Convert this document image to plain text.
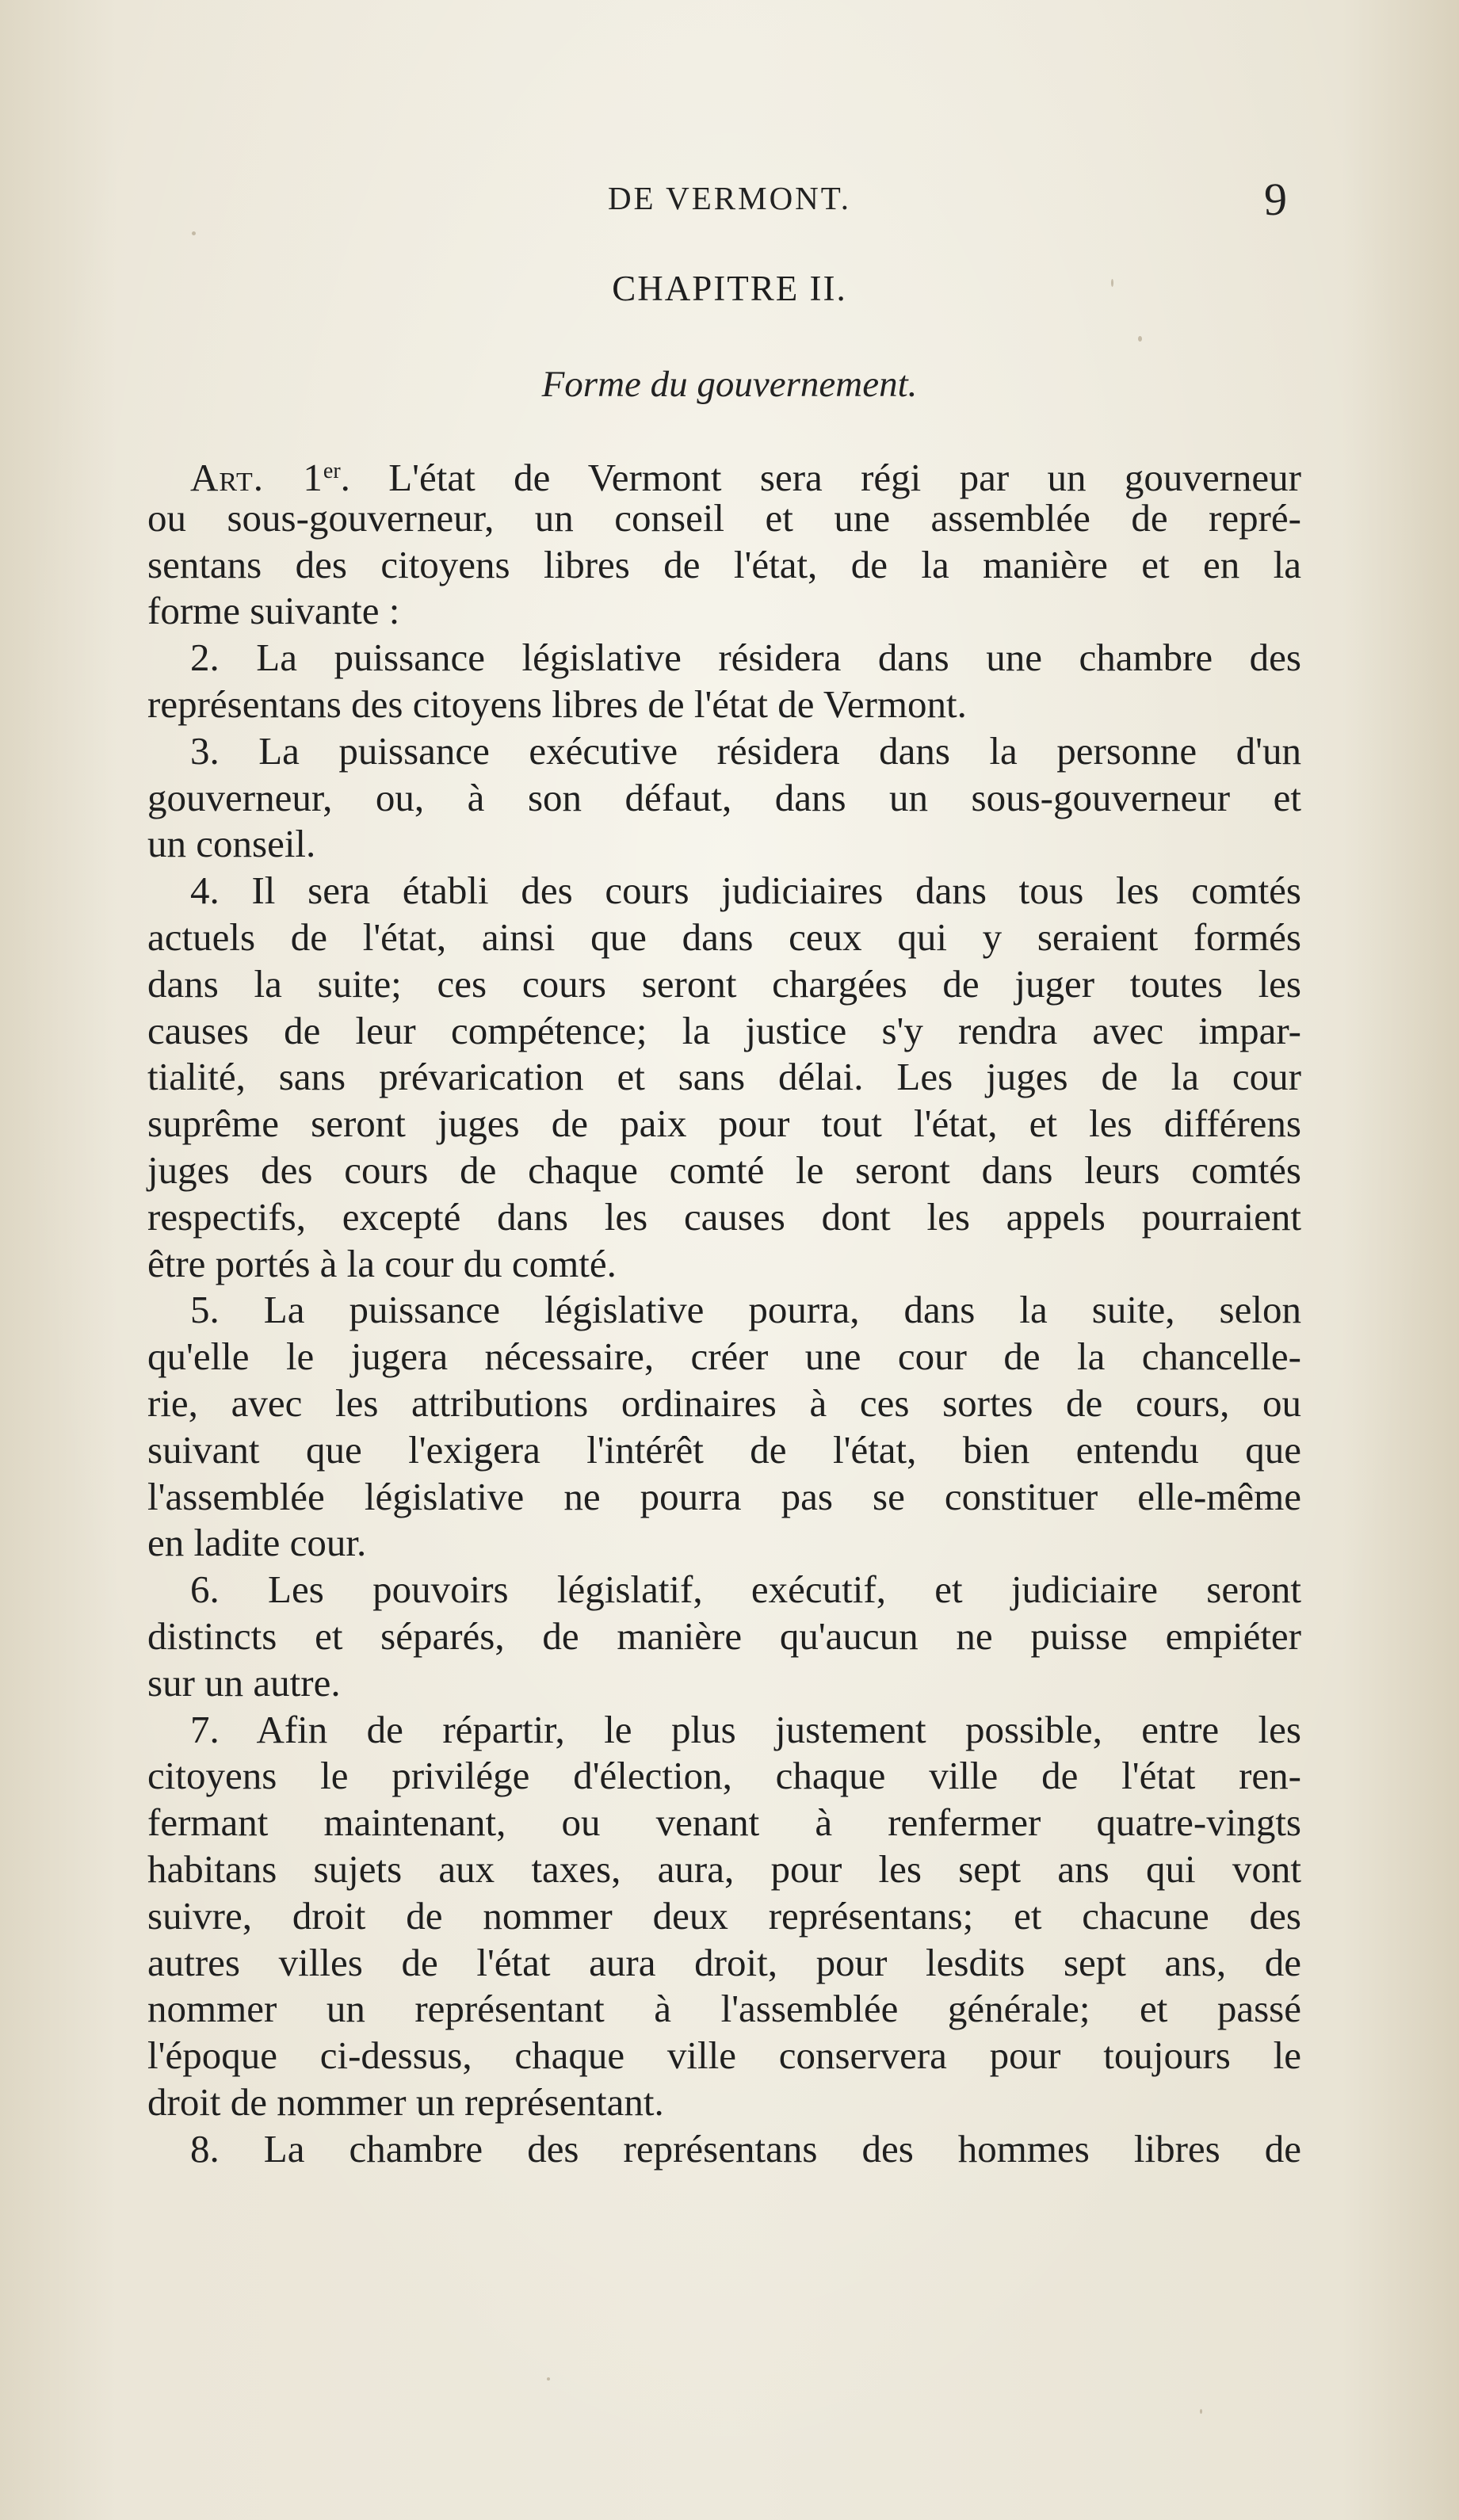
DE VERMONT.	9
CHAPITRE II.
Forme du gouvernement.
Art. 1er. L'état de Vermont sera régi par un gouverneur
ou sous-gouverneur, un conseil et une assemblée de repré-
sentans des citoyens libres de l'état, de la manière et en la
forme suivante :
2. La puissance législative résidera dans une chambre des
représentans des citoyens libres de l'état de Vermont.
3. La puissance exécutive résidera dans la personne d'un
gouverneur, ou, à son défaut, dans un sous-gouverneur et
un conseil.
4. Il sera établi des cours judiciaires dans tous les comtés
actuels de l'état, ainsi que dans ceux qui y seraient formés
dans la suite; ces cours seront chargées de juger toutes les
causes de leur compétence; la justice s'y rendra avec impar-
tialité, sans prévarication et sans délai. Les juges de la cour
suprême seront juges de paix pour tout l'état, et les différens
juges des cours de chaque comté le seront dans leurs comtés
respectifs, excepté dans les causes dont les appels pourraient
être portés à la cour du comté.
5. La puissance législative pourra, dans la suite, selon
qu'elle le jugera nécessaire, créer une cour de la chancelle-
rie, avec les attributions ordinaires à ces sortes de cours, ou
suivant que l'exigera l'intérêt de l'état, bien entendu que
l'assemblée législative ne pourra pas se constituer elle-même
en ladite cour.
6. Les pouvoirs législatif, exécutif, et judiciaire seront
distincts et séparés, de manière qu'aucun ne puisse empiéter
sur un autre.
7. Afin de répartir, le plus justement possible, entre les
citoyens le privilége d'élection, chaque ville de l'état ren-
fermant maintenant, ou venant à renfermer quatre-vingts
habitans sujets aux taxes, aura, pour les sept ans qui vont
suivre, droit de nommer deux représentans; et chacune des
autres villes de l'état aura droit, pour lesdits sept ans, de
nommer un représentant à l'assemblée générale; et passé
l'époque ci-dessus, chaque ville conservera pour toujours le
droit de nommer un représentant.
8. La chambre des représentans des hommes libres de
